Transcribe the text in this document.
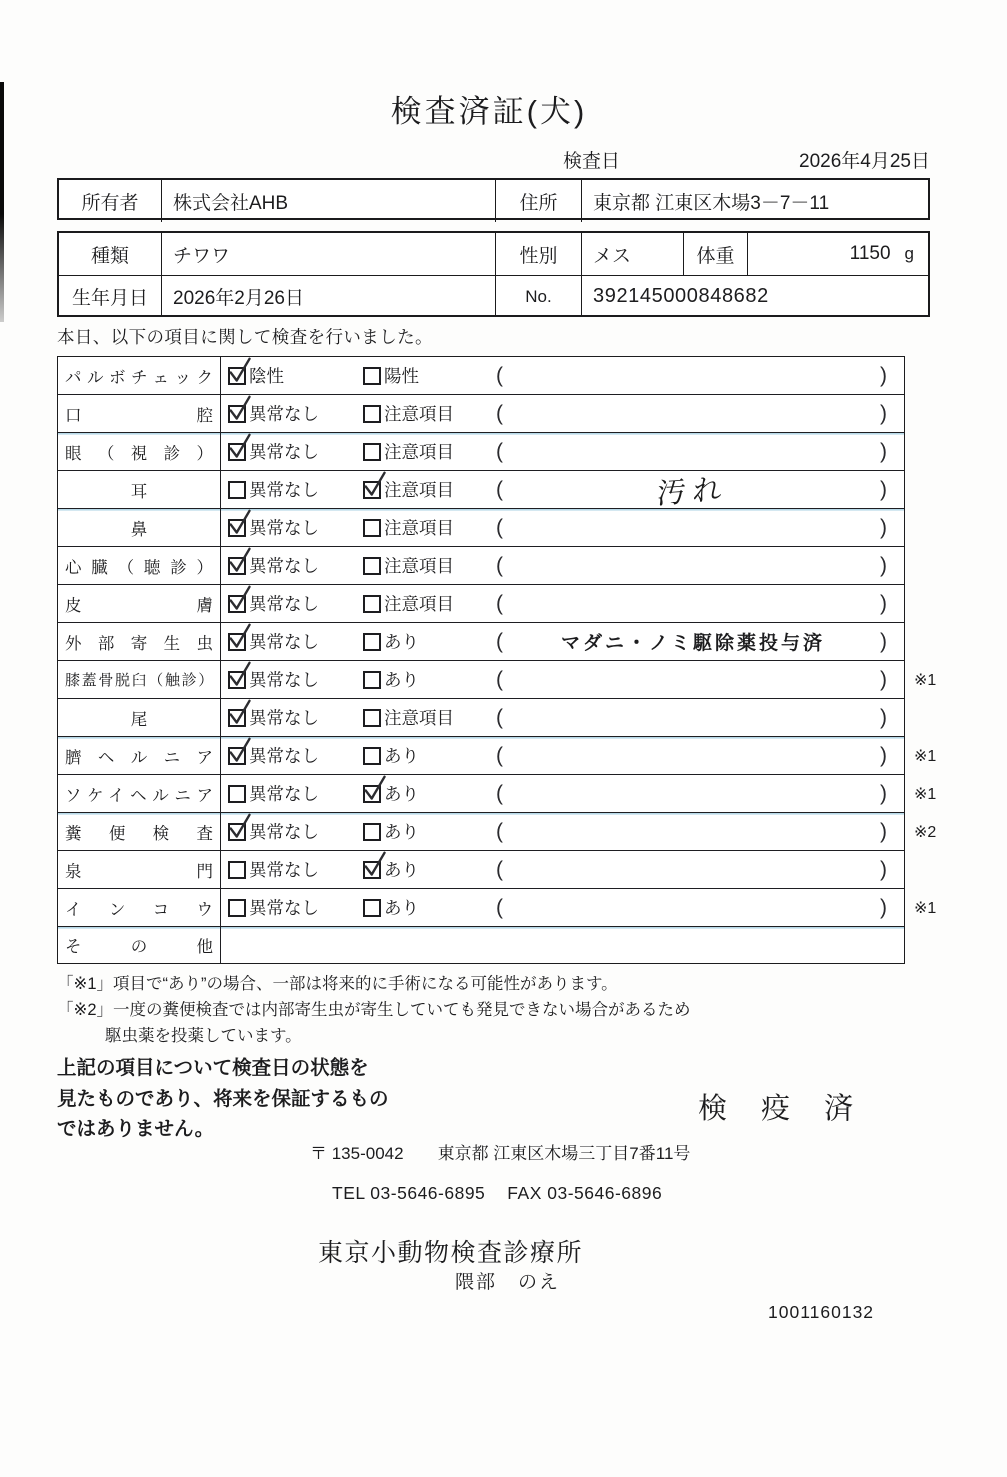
検査済証(犬)
検査日	2026年4月25日
所有者	株式会社AHB	住所	東京都 江東区木場3－7－11
種類	チワワ	性別	メス	体重	1150 g
生年月日	2026年2月26日	No.	392145000848682
本日、以下の項目に関して検査を行いました。
パルボチェック 陰性	陽性	(	)
口腔 異常なし	注意項目 (	)
眼（視診） 異常なし	注意項目 (	)
耳	異常なし	注意項目 (	汚れ	)
鼻	異常なし	注意項目 (	)
心臓（聴診） 異常なし	注意項目 (	)
皮膚 異常なし	注意項目 (	)
外部寄生虫 異常なし	あり	(	マダニ・ノミ駆除薬投与済	)
膝蓋骨脱臼（触診） 異常なし	あり	(	) ※1
尾	異常なし	注意項目 (	)
臍ヘルニア 異常なし	あり	(	) ※1
ソケイヘルニア 異常なし	あり	(	) ※1
糞便検査 異常なし	あり	(	) ※2
泉門 異常なし	あり	(	)
インコウ 異常なし	あり	(	) ※1
その他
「※1」項目で“あり”の場合、一部は将来的に手術になる可能性があります。
「※2」一度の糞便検査では内部寄生虫が寄生していても発見できない場合があるため
駆虫薬を投薬しています。
上記の項目について検査日の状態を
見たものであり、将来を保証するもの
ではありません。
検 疫 済
〒 135-0042 東京都 江東区木場三丁目7番11号
TEL 03-5646-6895 FAX 03-5646-6896
東京小動物検査診療所
隈部　のえ
1001160132
